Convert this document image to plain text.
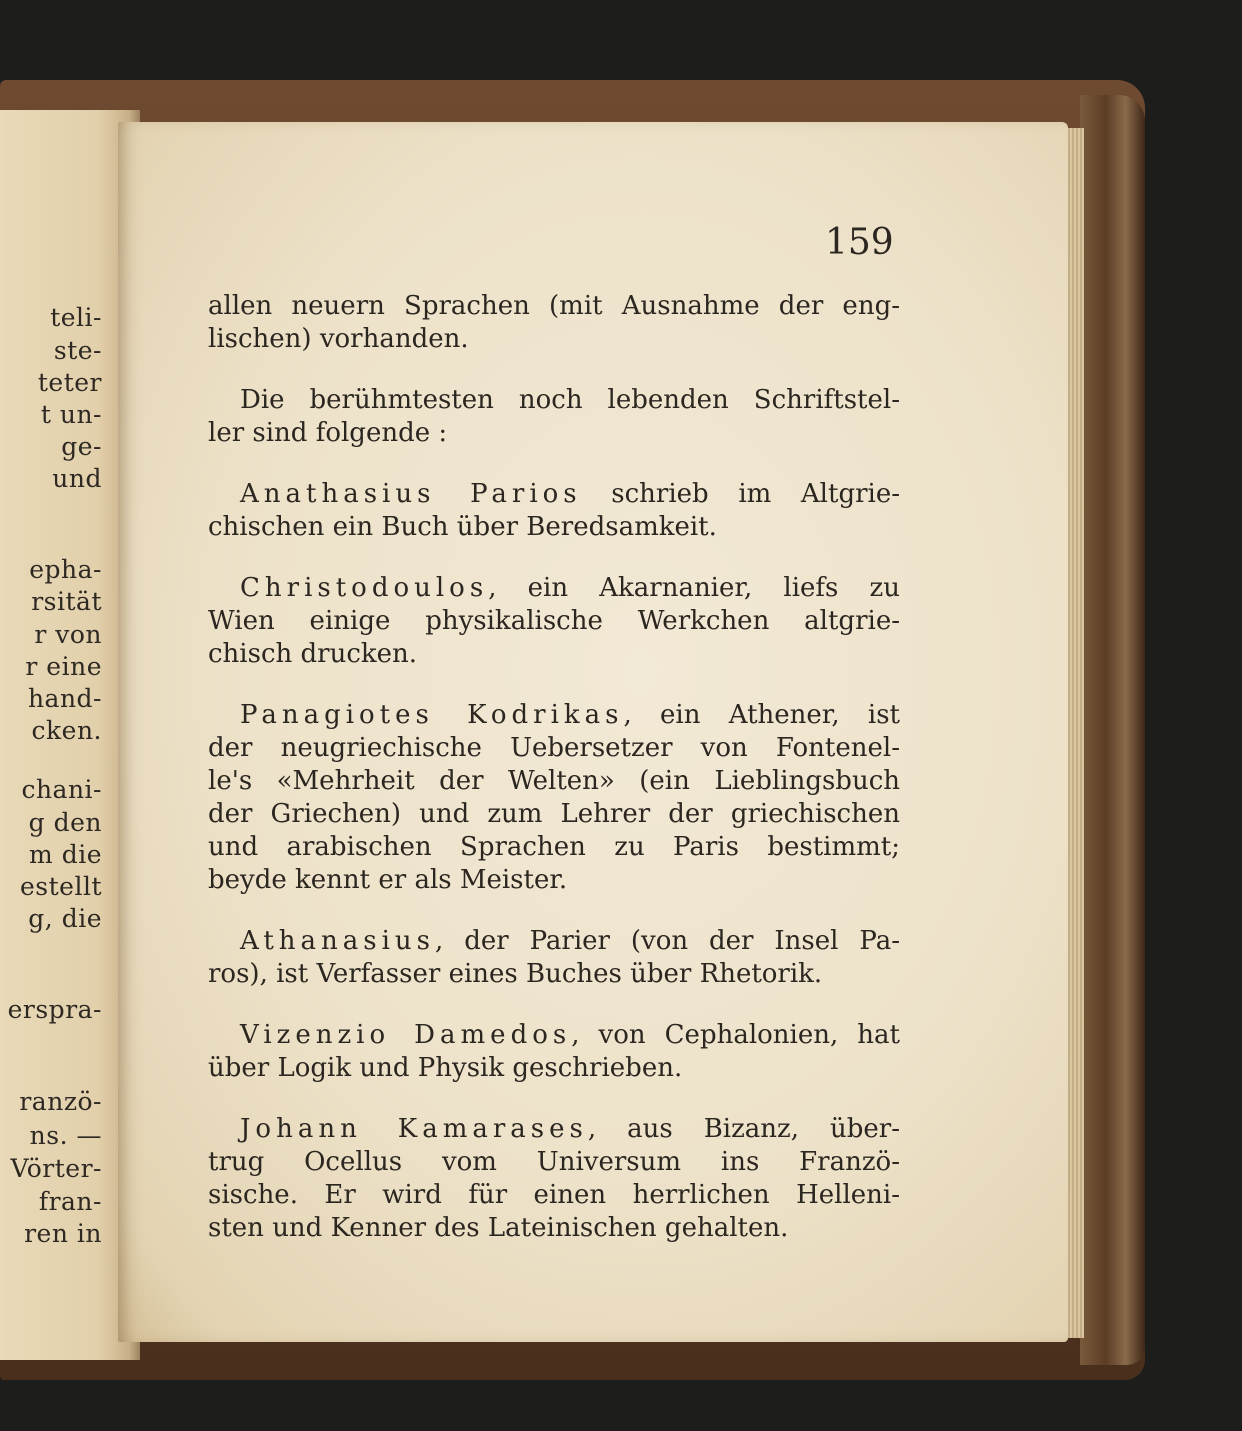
teli-
ste-
teter
t un-
ge-
und
epha-
rsität
r von
r eine
hand-
cken.
chani-
g den
m die
estellt
g, die
erspra-
ranzö-
ns. —
Vörter-
fran-
ren in
159
allen neuern Sprachen (mit Ausnahme der eng-
lischen) vorhanden.
Die berühmtesten noch lebenden Schriftstel-
ler sind folgende :
Anathasius Parios schrieb im Altgrie-
chischen ein Buch über Beredsamkeit.
Christodoulos, ein Akarnanier, liefs zu
Wien einige physikalische Werkchen altgrie-
chisch drucken.
Panagiotes Kodrikas, ein Athener, ist
der neugriechische Uebersetzer von Fontenel-
le's «Mehrheit der Welten» (ein Lieblingsbuch
der Griechen) und zum Lehrer der griechischen
und arabischen Sprachen zu Paris bestimmt;
beyde kennt er als Meister.
Athanasius, der Parier (von der Insel Pa-
ros), ist Verfasser eines Buches über Rhetorik.
Vizenzio Damedos, von Cephalonien, hat
über Logik und Physik geschrieben.
Johann Kamarases, aus Bizanz, über-
trug Ocellus vom Universum ins Franzö-
sische. Er wird für einen herrlichen Helleni-
sten und Kenner des Lateinischen gehalten.
